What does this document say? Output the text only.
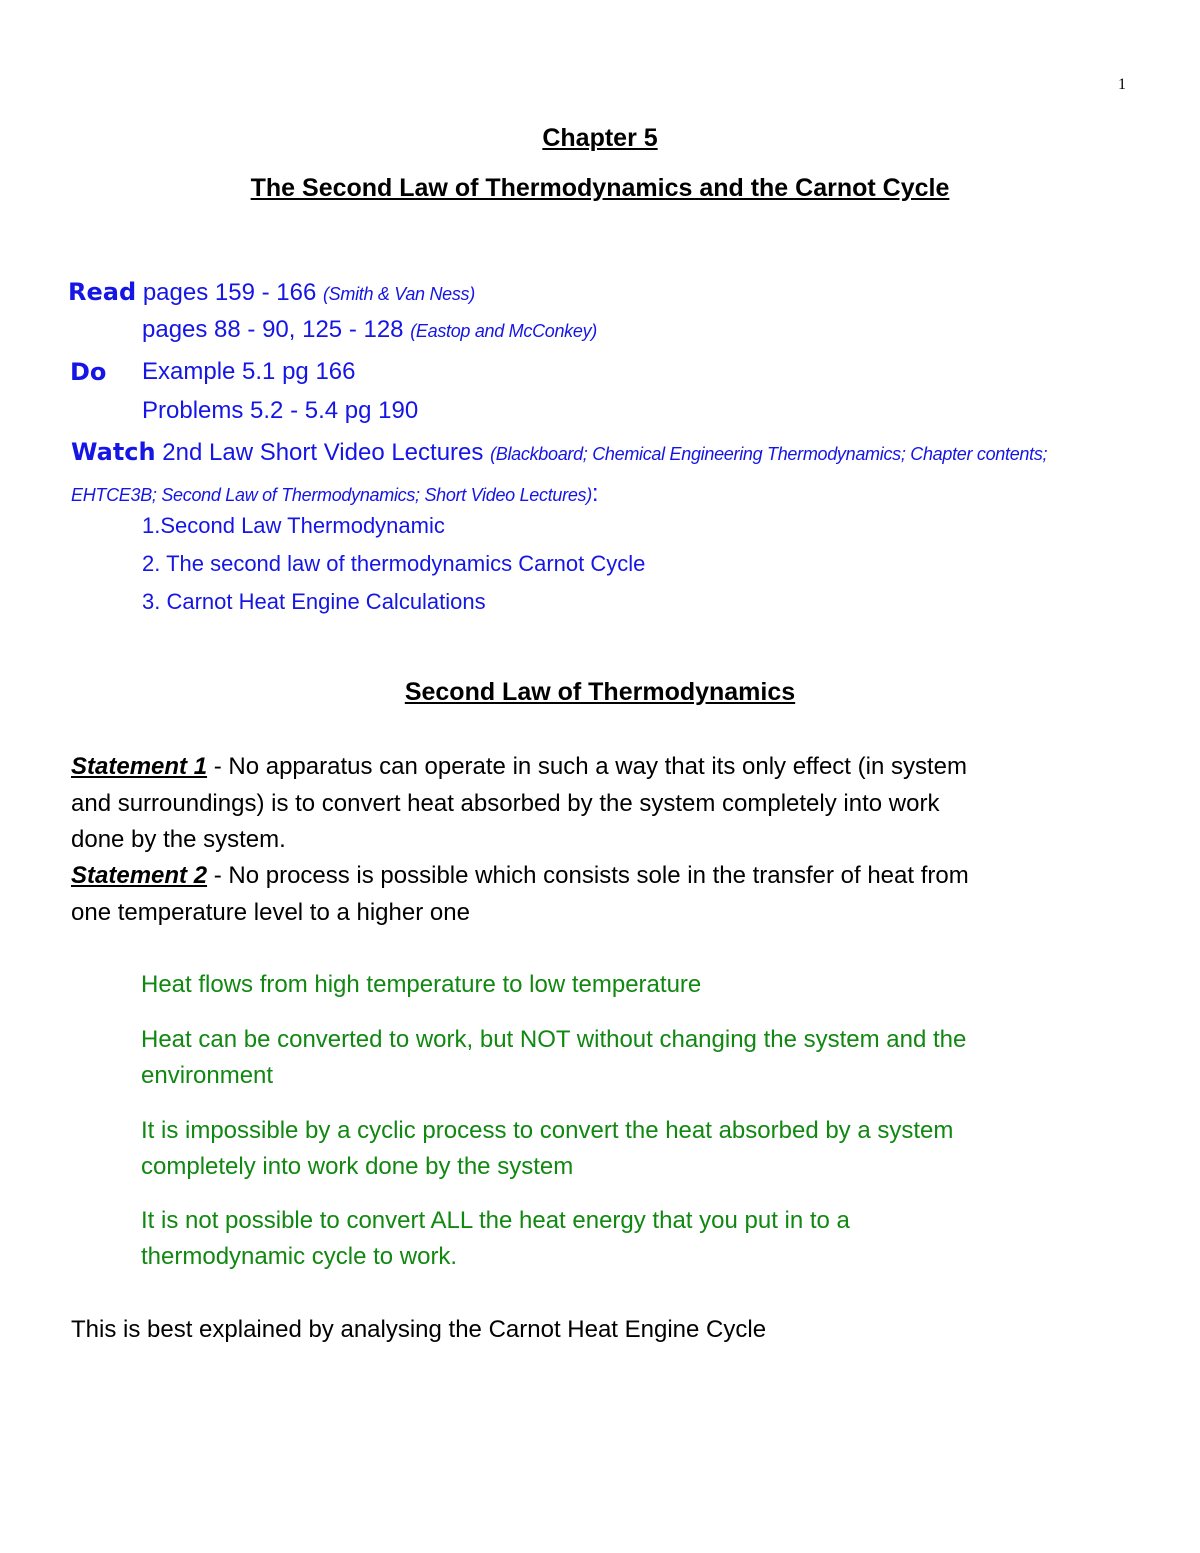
1
Chapter 5
The Second Law of Thermodynamics and the Carnot Cycle
Read pages 159 - 166 (Smith & Van Ness)
pages 88 - 90, 125 - 128 (Eastop and McConkey)
Do Example 5.1 pg 166
Problems 5.2 - 5.4 pg 190
Watch 2nd Law Short Video Lectures (Blackboard; Chemical Engineering Thermodynamics; Chapter contents;
EHTCE3B; Second Law of Thermodynamics; Short Video Lectures):
1.Second Law Thermodynamic
2. The second law of thermodynamics Carnot Cycle
3. Carnot Heat Engine Calculations
Second Law of Thermodynamics
Statement 1 - No apparatus can operate in such a way that its only effect (in system
and surroundings) is to convert heat absorbed by the system completely into work
done by the system.
Statement 2 - No process is possible which consists sole in the transfer of heat from
one temperature level to a higher one
Heat flows from high temperature to low temperature
Heat can be converted to work, but NOT without changing the system and the
environment
It is impossible by a cyclic process to convert the heat absorbed by a system
completely into work done by the system
It is not possible to convert ALL the heat energy that you put in to a
thermodynamic cycle to work.
This is best explained by analysing the Carnot Heat Engine Cycle
